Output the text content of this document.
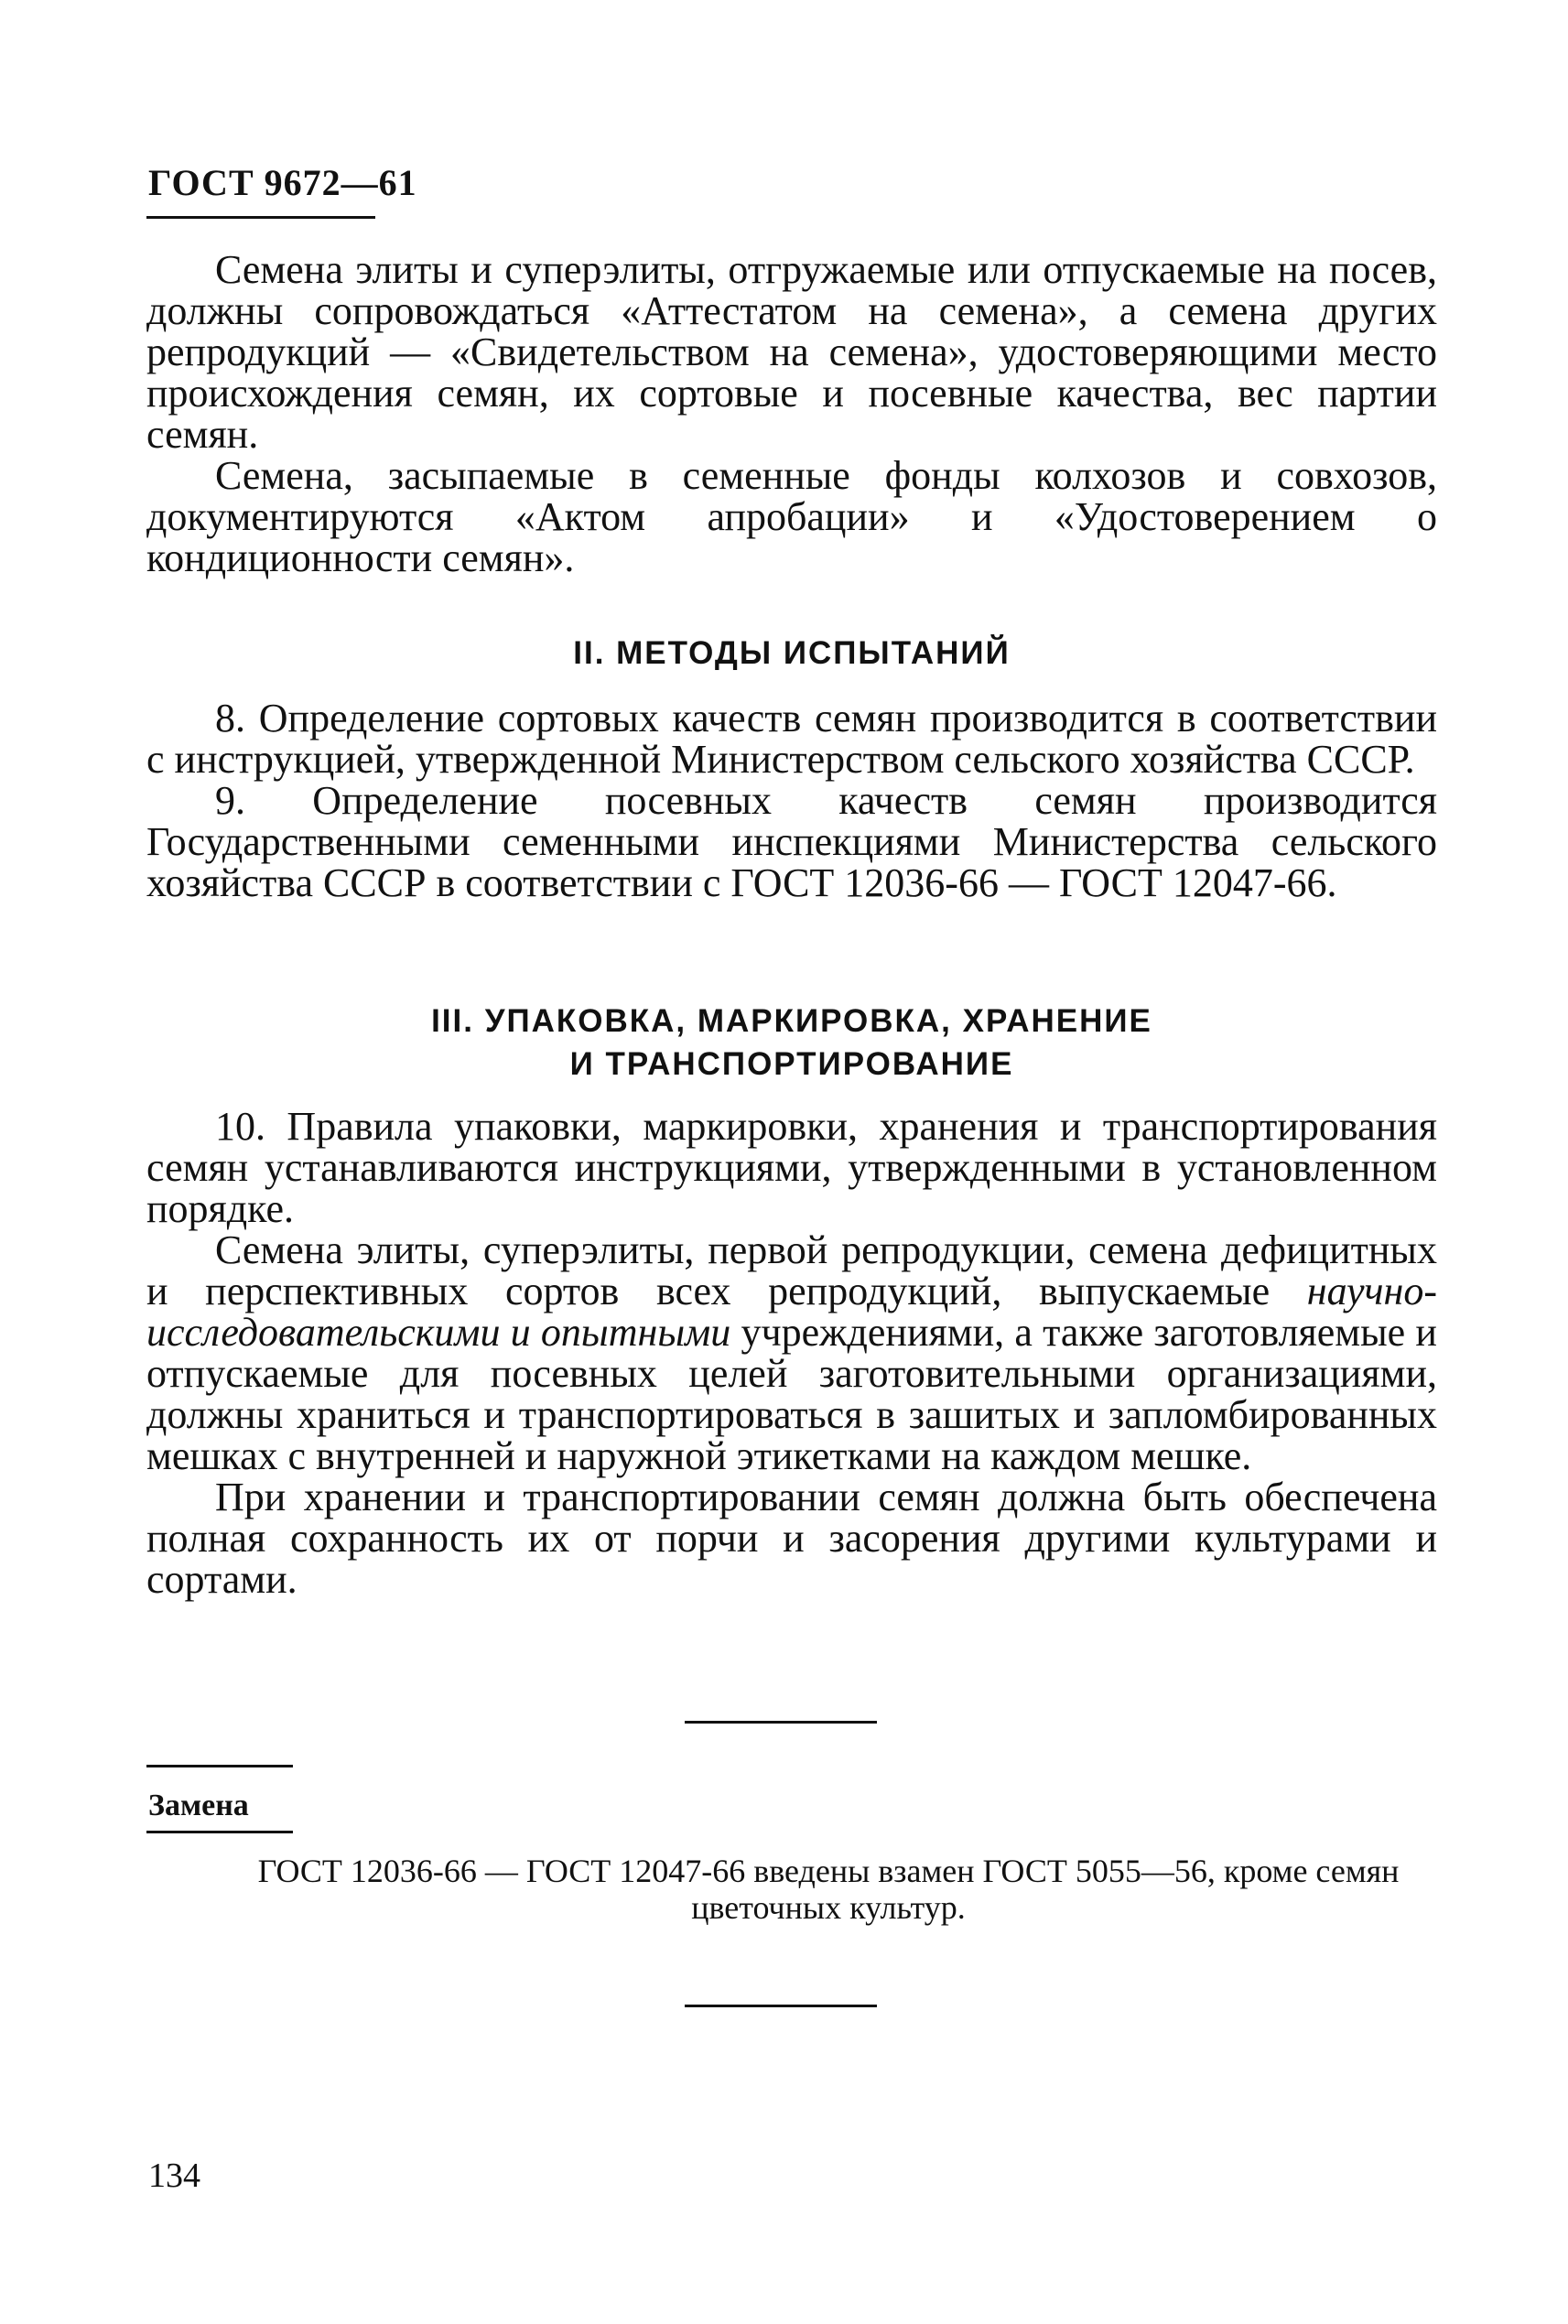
ГОСТ 9672—61

Семена элиты и суперэлиты, отгружаемые или отпускаемые на посев, должны сопровождаться «Аттестатом на семена», а семена других репродукций — «Свидетельством на семена», удостоверяющими место происхождения семян, их сортовые и посевные качества, вес партии семян.

Семена, засыпаемые в семенные фонды колхозов и совхозов, документируются «Актом апробации» и «Удостоверением о кондиционности семян».

II. МЕТОДЫ ИСПЫТАНИЙ

8. Определение сортовых качеств семян производится в соответствии с инструкцией, утвержденной Министерством сельского хозяйства СССР.

9. Определение посевных качеств семян производится Государственными семенными инспекциями Министерства сельского хозяйства СССР в соответствии с ГОСТ 12036-66 — ГОСТ 12047-66.

III. УПАКОВКА, МАРКИРОВКА, ХРАНЕНИЕ
И ТРАНСПОРТИРОВАНИЕ

10. Правила упаковки, маркировки, хранения и транспортирования семян устанавливаются инструкциями, утвержденными в установленном порядке.

Семена элиты, суперэлиты, первой репродукции, семена дефицитных и перспективных сортов всех репродукций, выпускаемые научно-исследовательскими и опытными учреждениями, а также заготовляемые и отпускаемые для посевных целей заготовительными организациями, должны храниться и транспортироваться в зашитых и запломбированных мешках с внутренней и наружной этикетками на каждом мешке.

При хранении и транспортировании семян должна быть обеспечена полная сохранность их от порчи и засорения другими культурами и сортами.

Замена
ГОСТ 12036-66 — ГОСТ 12047-66 введены взамен ГОСТ 5055—56, кроме семян цветочных культур.
134
